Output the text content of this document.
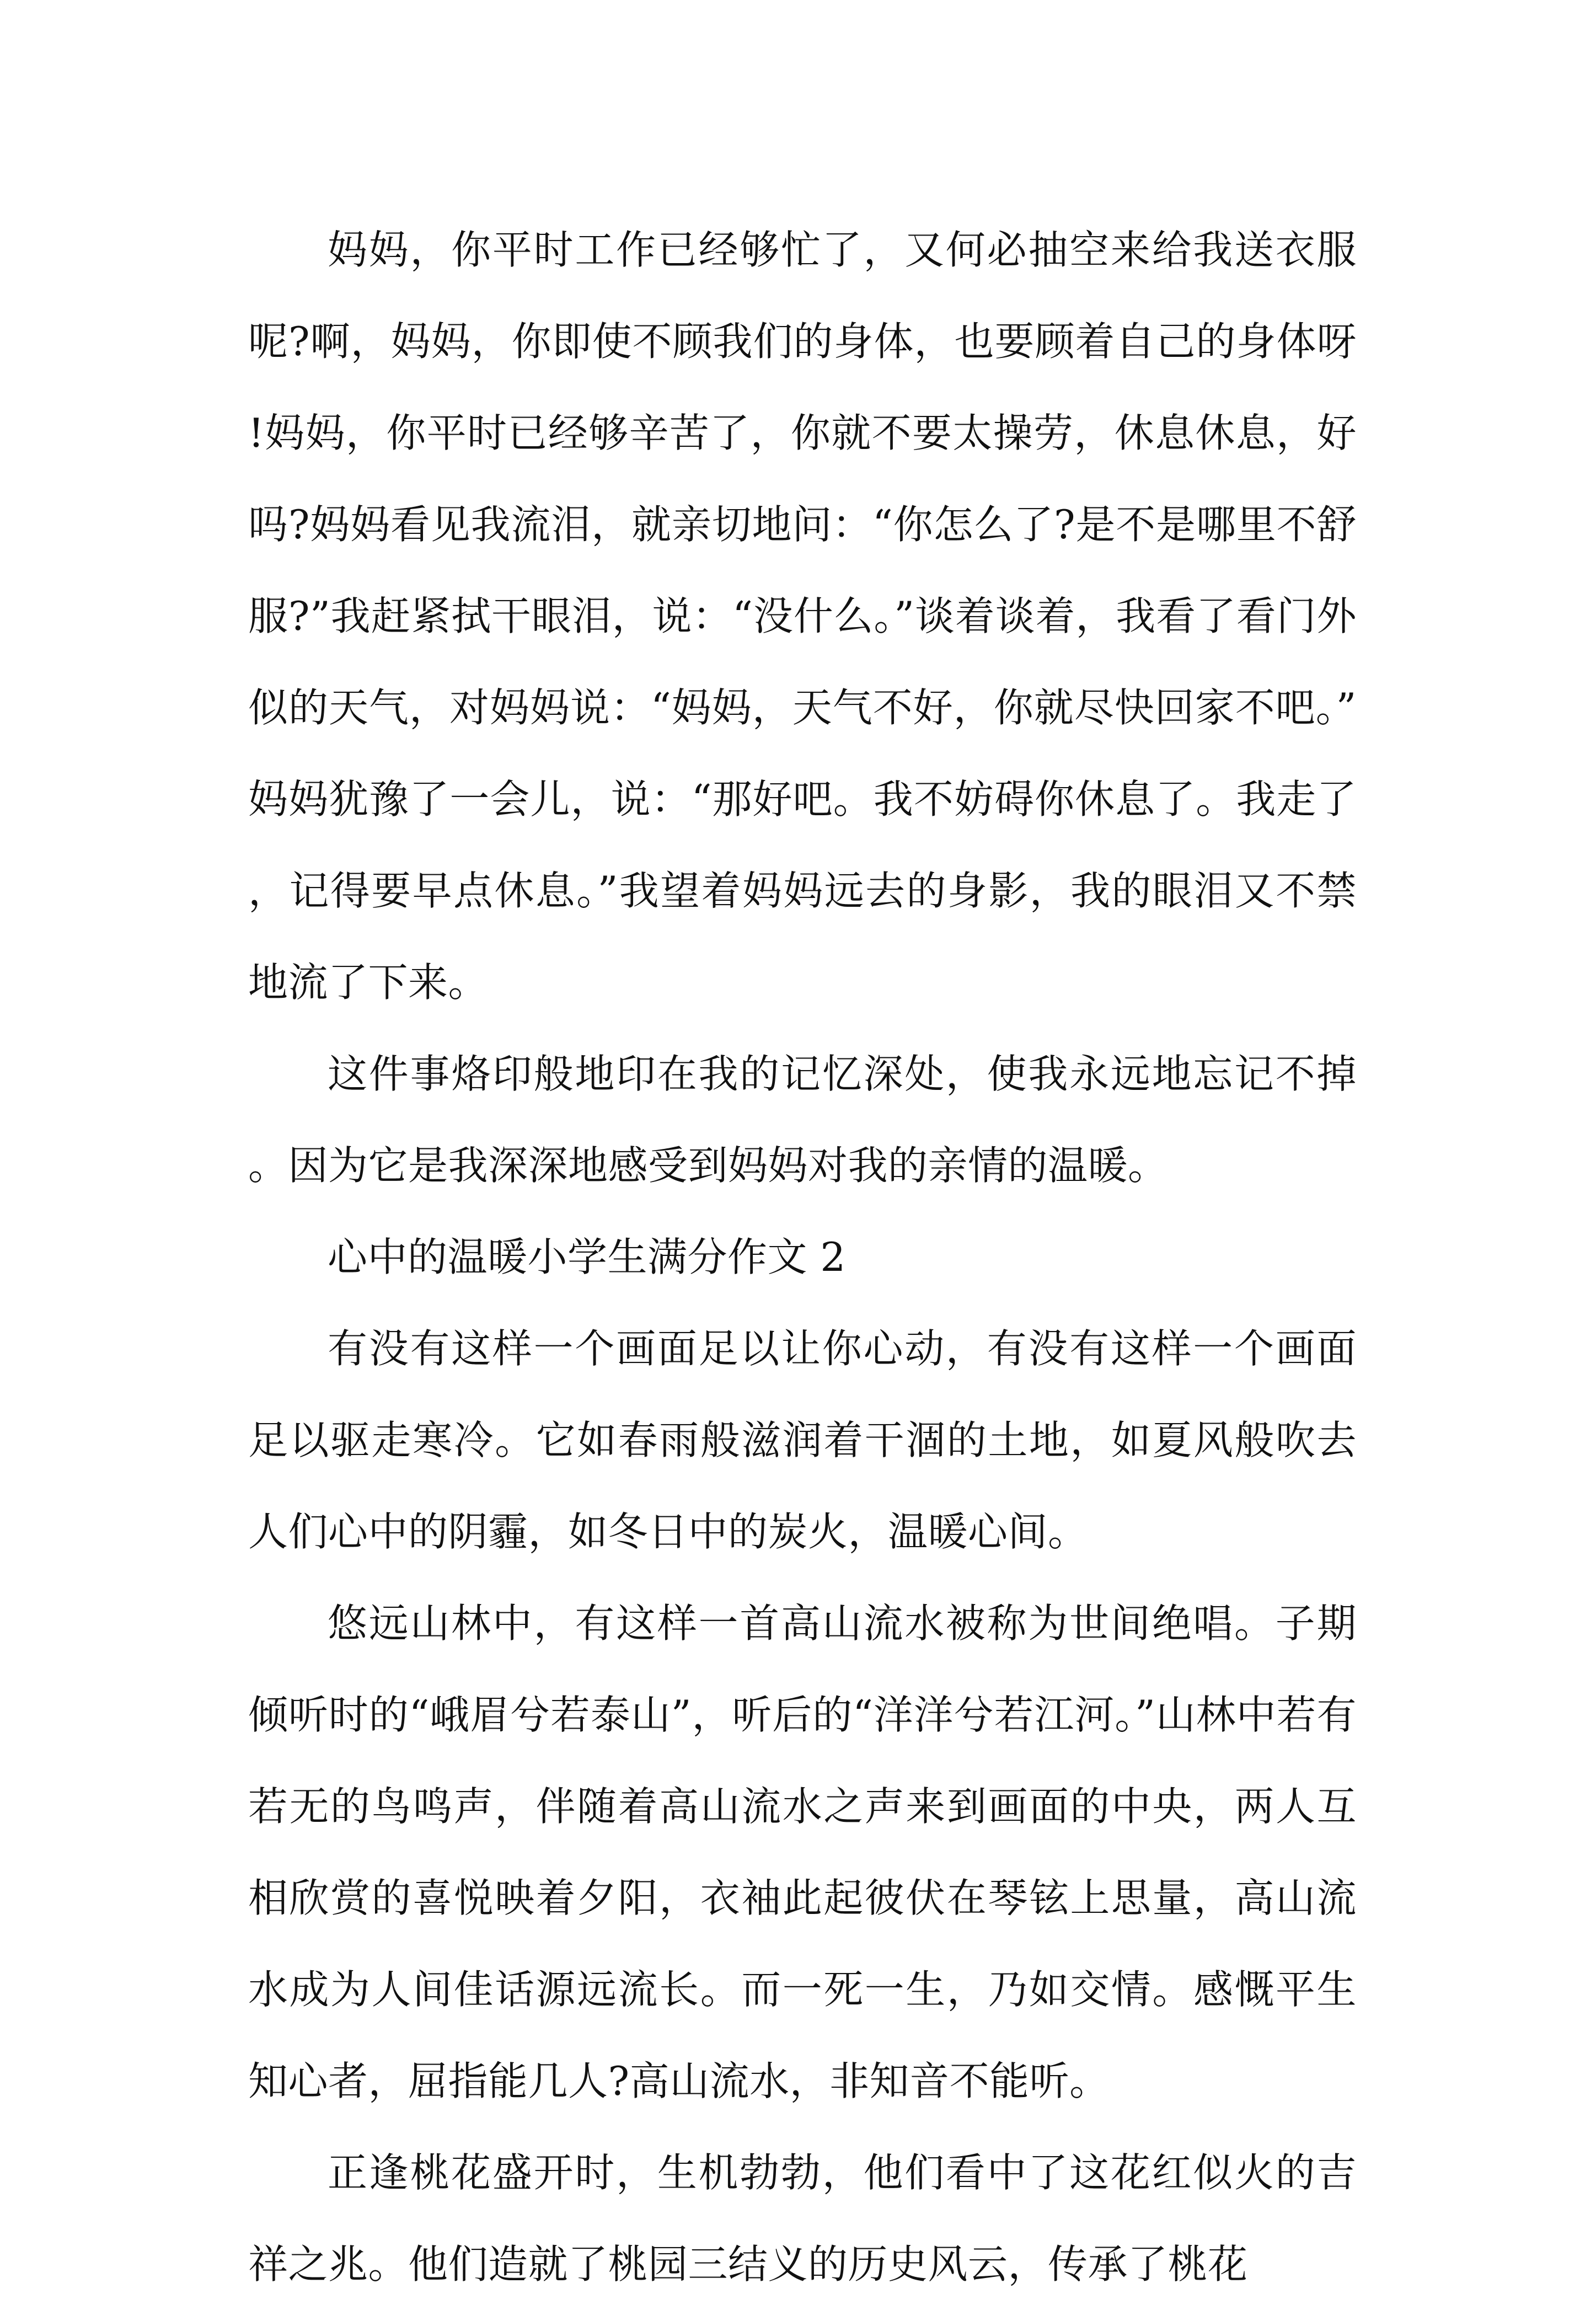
妈妈，你平时工作已经够忙了，又何必抽空来给我送衣服呢?啊，妈妈，你即使不顾我们的身体，也要顾着自己的身体呀!妈妈，你平时已经够辛苦了，你就不要太操劳，休息休息，好吗?妈妈看见我流泪，就亲切地问：“你怎么了?是不是哪里不舒服?”我赶紧拭干眼泪，说：“没什么。”谈着谈着，我看了看门外似的天气，对妈妈说：“妈妈，天气不好，你就尽快回家不吧。”妈妈犹豫了一会儿，说：“那好吧。我不妨碍你休息了。我走了，记得要早点休息。”我望着妈妈远去的身影，我的眼泪又不禁地流了下来。

这件事烙印般地印在我的记忆深处，使我永远地忘记不掉。因为它是我深深地感受到妈妈对我的亲情的温暖。

心中的温暖小学生满分作文 2

有没有这样一个画面足以让你心动，有没有这样一个画面足以驱走寒冷。它如春雨般滋润着干涸的土地，如夏风般吹去人们心中的阴霾，如冬日中的炭火，温暖心间。

悠远山林中，有这样一首高山流水被称为世间绝唱。子期倾听时的“峨眉兮若泰山”，听后的“洋洋兮若江河。”山林中若有若无的鸟鸣声，伴随着高山流水之声来到画面的中央，两人互相欣赏的喜悦映着夕阳，衣袖此起彼伏在琴铉上思量，高山流水成为人间佳话源远流长。而一死一生，乃如交情。感慨平生知心者，屈指能几人?高山流水，非知音不能听。

正逢桃花盛开时，生机勃勃，他们看中了这花红似火的吉祥之兆。他们造就了桃园三结义的历史风云，传承了桃花
